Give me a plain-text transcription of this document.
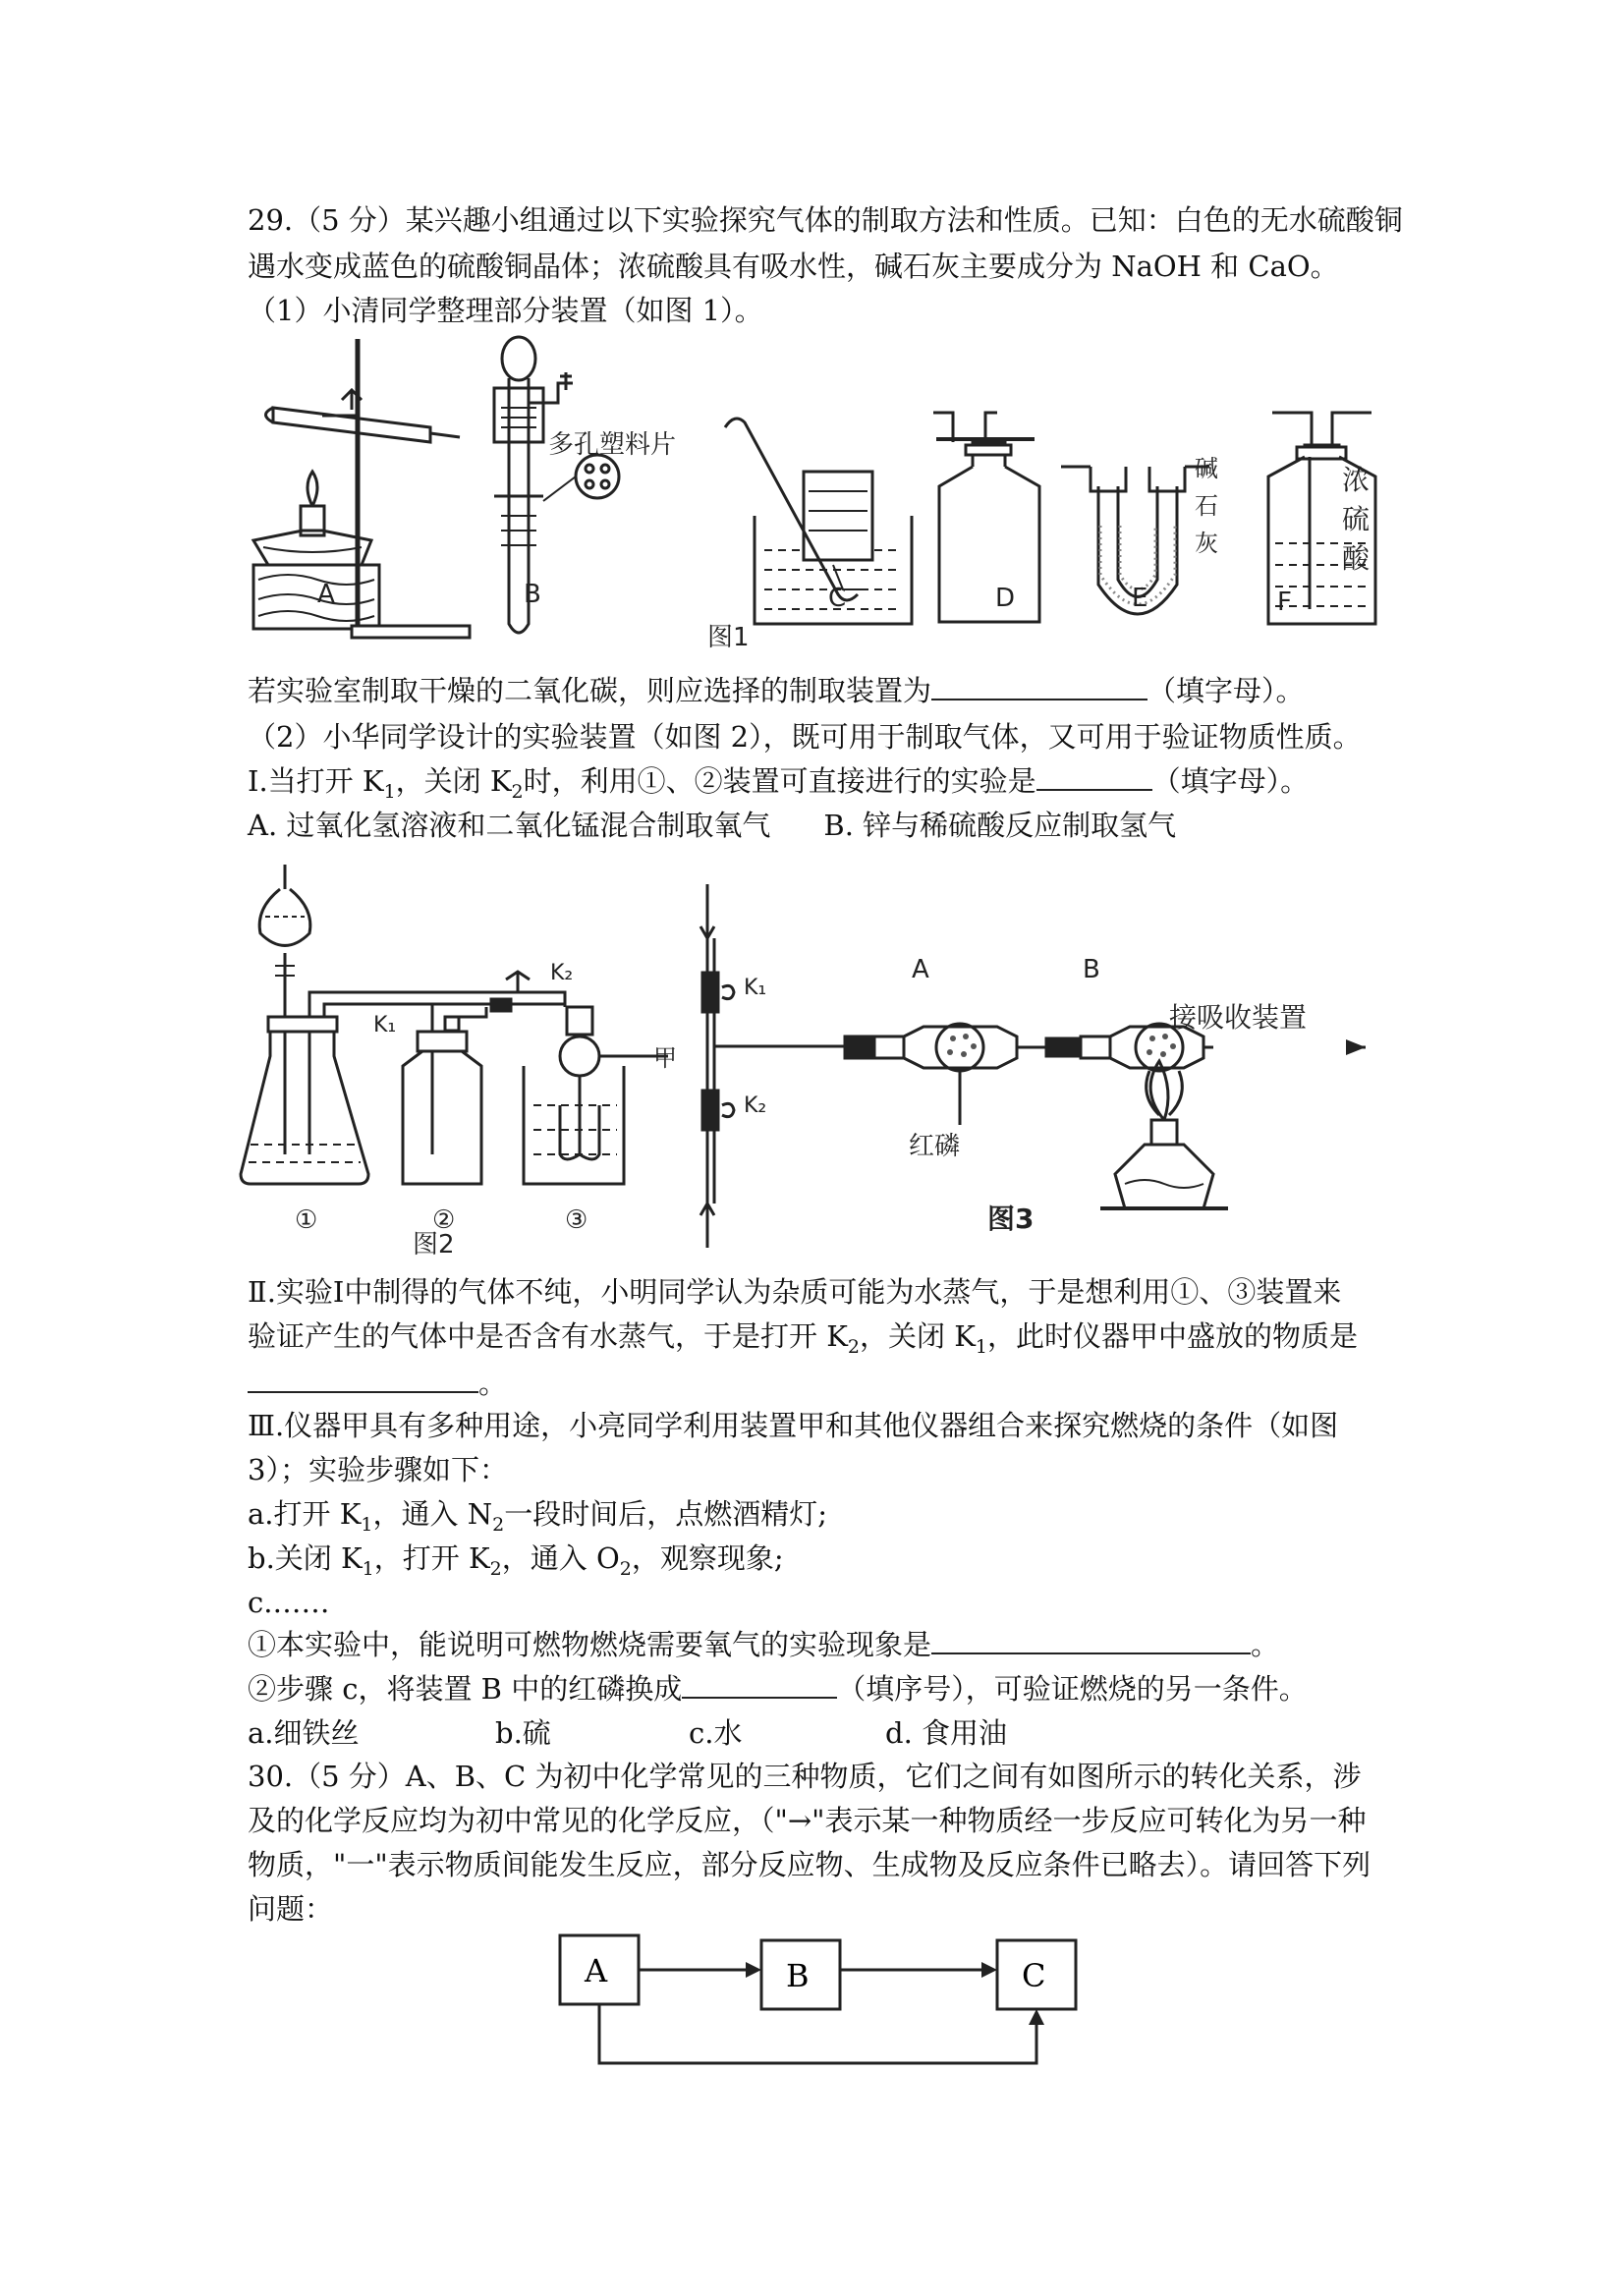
29.（5 分）某兴趣小组通过以下实验探究气体的制取方法和性质。已知：白色的无水硫酸铜
遇水变成蓝色的硫酸铜晶体；浓硫酸具有吸水性，碱石灰主要成分为 NaOH 和 CaO。
（1）小清同学整理部分装置（如图 1）。
A	B	C	D	E	F
多孔塑料片
碱
石
灰
浓
硫
酸
图1
若实验室制取干燥的二氧化碳，则应选择的制取装置为	（填字母）。
（2）小华同学设计的实验装置（如图 2），既可用于制取气体，又可用于验证物质性质。
Ⅰ.当打开 $K_1$，关闭 $K_2$时，利用①、②装置可直接进行的实验是	（填字母）。
A. 过氧化氢溶液和二氧化锰混合制取氧气 B. 锌与稀硫酸反应制取氢气
K₂
K₁
甲
①	②	③
图2
K₁
K₂
A	B
接吸收装置
红磷
图3
Ⅱ.实验Ⅰ中制得的气体不纯，小明同学认为杂质可能为水蒸气，于是想利用①、③装置来
验证产生的气体中是否含有水蒸气，于是打开 $K_2$，关闭 $K_1$，此时仪器甲中盛放的物质是
。
Ⅲ.仪器甲具有多种用途，小亮同学利用装置甲和其他仪器组合来探究燃烧的条件（如图
3）；实验步骤如下：
a.打开 $K_1$，通入 $N_2$一段时间后，点燃酒精灯;
b.关闭 $K_1$，打开 $K_2$，通入 $O_2$，观察现象;
c.……
①本实验中，能说明可燃物燃烧需要氧气的实验现象是	。
②步骤 c，将装置 B 中的红磷换成	（填序号），可验证燃烧的另一条件。
a.细铁丝	b.硫	c.水	d. 食用油
30.（5 分）A、B、C 为初中化学常见的三种物质，它们之间有如图所示的转化关系，涉
及的化学反应均为初中常见的化学反应，（"→"表示某一种物质经一步反应可转化为另一种
物质，"一"表示物质间能发生反应，部分反应物、生成物及反应条件已略去）。请回答下列
问题：
A	B	C
